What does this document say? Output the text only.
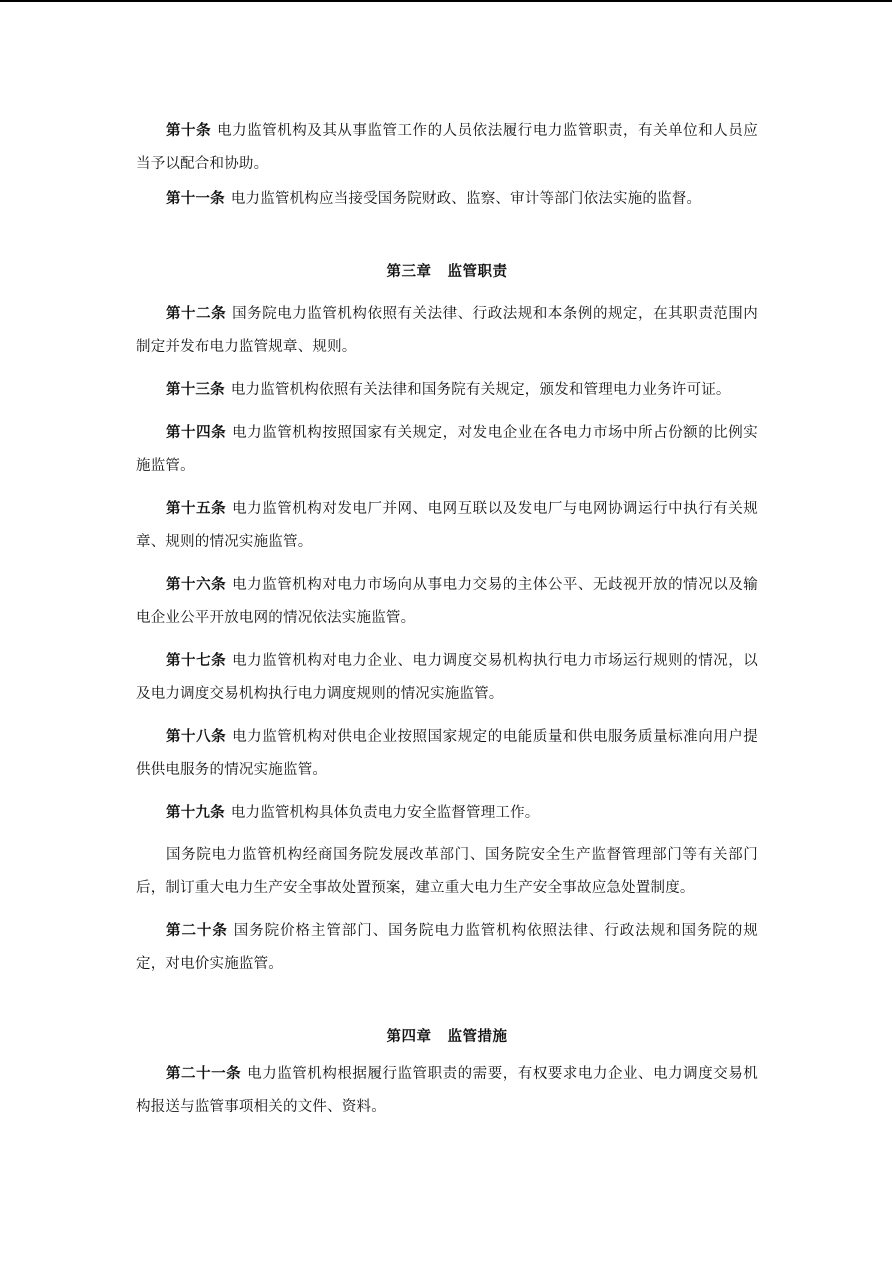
第十条 电力监管机构及其从事监管工作的人员依法履行电力监管职责，有关单位和人员应当予以配合和协助。

第十一条 电力监管机构应当接受国务院财政、监察、审计等部门依法实施的监督。

第三章 监管职责

第十二条 国务院电力监管机构依照有关法律、行政法规和本条例的规定，在其职责范围内制定并发布电力监管规章、规则。

第十三条 电力监管机构依照有关法律和国务院有关规定，颁发和管理电力业务许可证。

第十四条 电力监管机构按照国家有关规定，对发电企业在各电力市场中所占份额的比例实施监管。

第十五条 电力监管机构对发电厂并网、电网互联以及发电厂与电网协调运行中执行有关规章、规则的情况实施监管。

第十六条 电力监管机构对电力市场向从事电力交易的主体公平、无歧视开放的情况以及输电企业公平开放电网的情况依法实施监管。

第十七条 电力监管机构对电力企业、电力调度交易机构执行电力市场运行规则的情况，以及电力调度交易机构执行电力调度规则的情况实施监管。

第十八条 电力监管机构对供电企业按照国家规定的电能质量和供电服务质量标准向用户提供供电服务的情况实施监管。

第十九条 电力监管机构具体负责电力安全监督管理工作。

国务院电力监管机构经商国务院发展改革部门、国务院安全生产监督管理部门等有关部门后，制订重大电力生产安全事故处置预案，建立重大电力生产安全事故应急处置制度。

第二十条 国务院价格主管部门、国务院电力监管机构依照法律、行政法规和国务院的规定，对电价实施监管。

第四章 监管措施

第二十一条 电力监管机构根据履行监管职责的需要，有权要求电力企业、电力调度交易机构报送与监管事项相关的文件、资料。
